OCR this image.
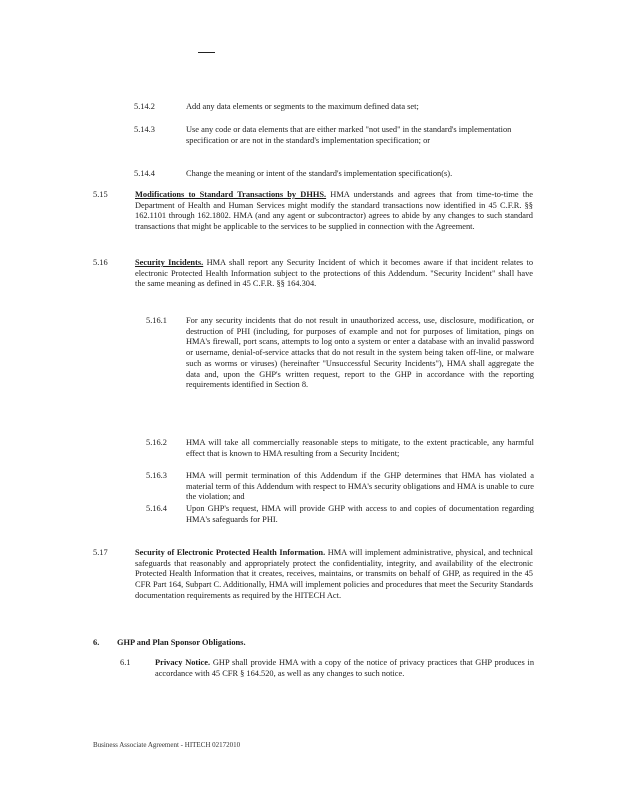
5.14.2	Add any data elements or segments to the maximum defined data set;
5.14.3	Use any code or data elements that are either marked "not used" in the standard's implementation specification or are not in the standard's implementation specification; or
5.14.4	Change the meaning or intent of the standard's implementation specification(s).
5.15	Modifications to Standard Transactions by DHHS. HMA understands and agrees that from time-to-time the Department of Health and Human Services might modify the standard transactions now identified in 45 C.F.R. §§ 162.1101 through 162.1802. HMA (and any agent or subcontractor) agrees to abide by any changes to such standard transactions that might be applicable to the services to be supplied in connection with the Agreement.
5.16	Security Incidents. HMA shall report any Security Incident of which it becomes aware if that incident relates to electronic Protected Health Information subject to the protections of this Addendum. "Security Incident" shall have the same meaning as defined in 45 C.F.R. §§ 164.304.
5.16.1 For any security incidents that do not result in unauthorized access, use, disclosure, modification, or destruction of PHI (including, for purposes of example and not for purposes of limitation, pings on HMA's firewall, port scans, attempts to log onto a system or enter a database with an invalid password or username, denial-of-service attacks that do not result in the system being taken off-line, or malware such as worms or viruses) (hereinafter "Unsuccessful Security Incidents"), HMA shall aggregate the data and, upon the GHP's written request, report to the GHP in accordance with the reporting requirements identified in Section 8.
5.16.2 HMA will take all commercially reasonable steps to mitigate, to the extent practicable, any harmful effect that is known to HMA resulting from a Security Incident;
5.16.3 HMA will permit termination of this Addendum if the GHP determines that HMA has violated a material term of this Addendum with respect to HMA's security obligations and HMA is unable to cure the violation; and
5.16.4 Upon GHP's request, HMA will provide GHP with access to and copies of documentation regarding HMA's safeguards for PHI.
5.17	Security of Electronic Protected Health Information. HMA will implement administrative, physical, and technical safeguards that reasonably and appropriately protect the confidentiality, integrity, and availability of the electronic Protected Health Information that it creates, receives, maintains, or transmits on behalf of GHP, as required in the 45 CFR Part 164, Subpart C. Additionally, HMA will implement policies and procedures that meet the Security Standards documentation requirements as required by the HITECH Act.
6. GHP and Plan Sponsor Obligations.
6.1	Privacy Notice. GHP shall provide HMA with a copy of the notice of privacy practices that GHP produces in accordance with 45 CFR § 164.520, as well as any changes to such notice.
Business Associate Agreement - HITECH 02172010
